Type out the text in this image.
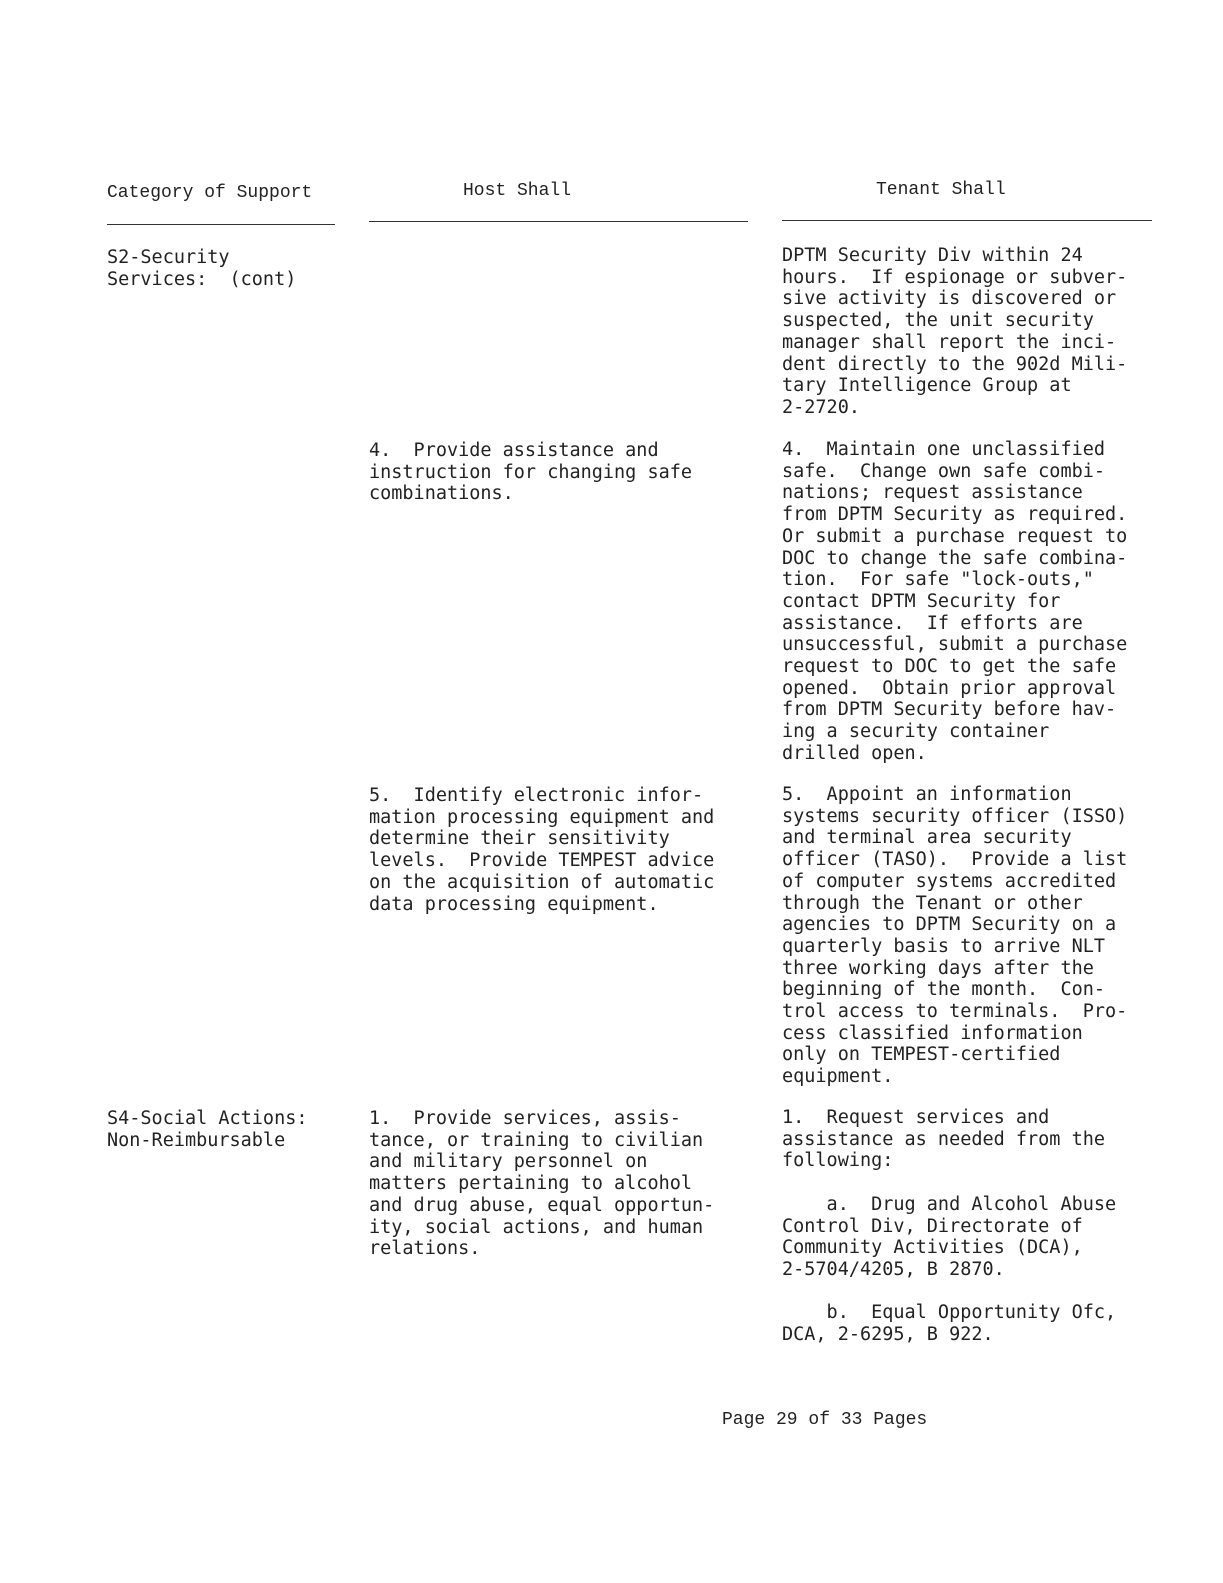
Category of Support	Host Shall	Tenant Shall
S2-Security
Services:  (cont)
DPTM Security Div within 24
hours.  If espionage or subver-
sive activity is discovered or
suspected, the unit security
manager shall report the inci-
dent directly to the 902d Mili-
tary Intelligence Group at
2-2720.
4.  Provide assistance and
instruction for changing safe
combinations.
4.  Maintain one unclassified
safe.  Change own safe combi-
nations; request assistance
from DPTM Security as required.
Or submit a purchase request to
DOC to change the safe combina-
tion.  For safe "lock-outs,"
contact DPTM Security for
assistance.  If efforts are
unsuccessful, submit a purchase
request to DOC to get the safe
opened.  Obtain prior approval
from DPTM Security before hav-
ing a security container
drilled open.
5.  Identify electronic infor-
mation processing equipment and
determine their sensitivity
levels.  Provide TEMPEST advice
on the acquisition of automatic
data processing equipment.
5.  Appoint an information
systems security officer (ISSO)
and terminal area security
officer (TASO).  Provide a list
of computer systems accredited
through the Tenant or other
agencies to DPTM Security on a
quarterly basis to arrive NLT
three working days after the
beginning of the month.  Con-
trol access to terminals.  Pro-
cess classified information
only on TEMPEST-certified
equipment.
S4-Social Actions:
Non-Reimbursable
1.  Provide services, assis-
tance, or training to civilian
and military personnel on
matters pertaining to alcohol
and drug abuse, equal opportun-
ity, social actions, and human
relations.
1.  Request services and
assistance as needed from the
following:

a.  Drug and Alcohol Abuse
Control Div, Directorate of
Community Activities (DCA),
2-5704/4205, B 2870.

b.  Equal Opportunity Ofc,
DCA, 2-6295, B 922.
Page 29 of 33 Pages
